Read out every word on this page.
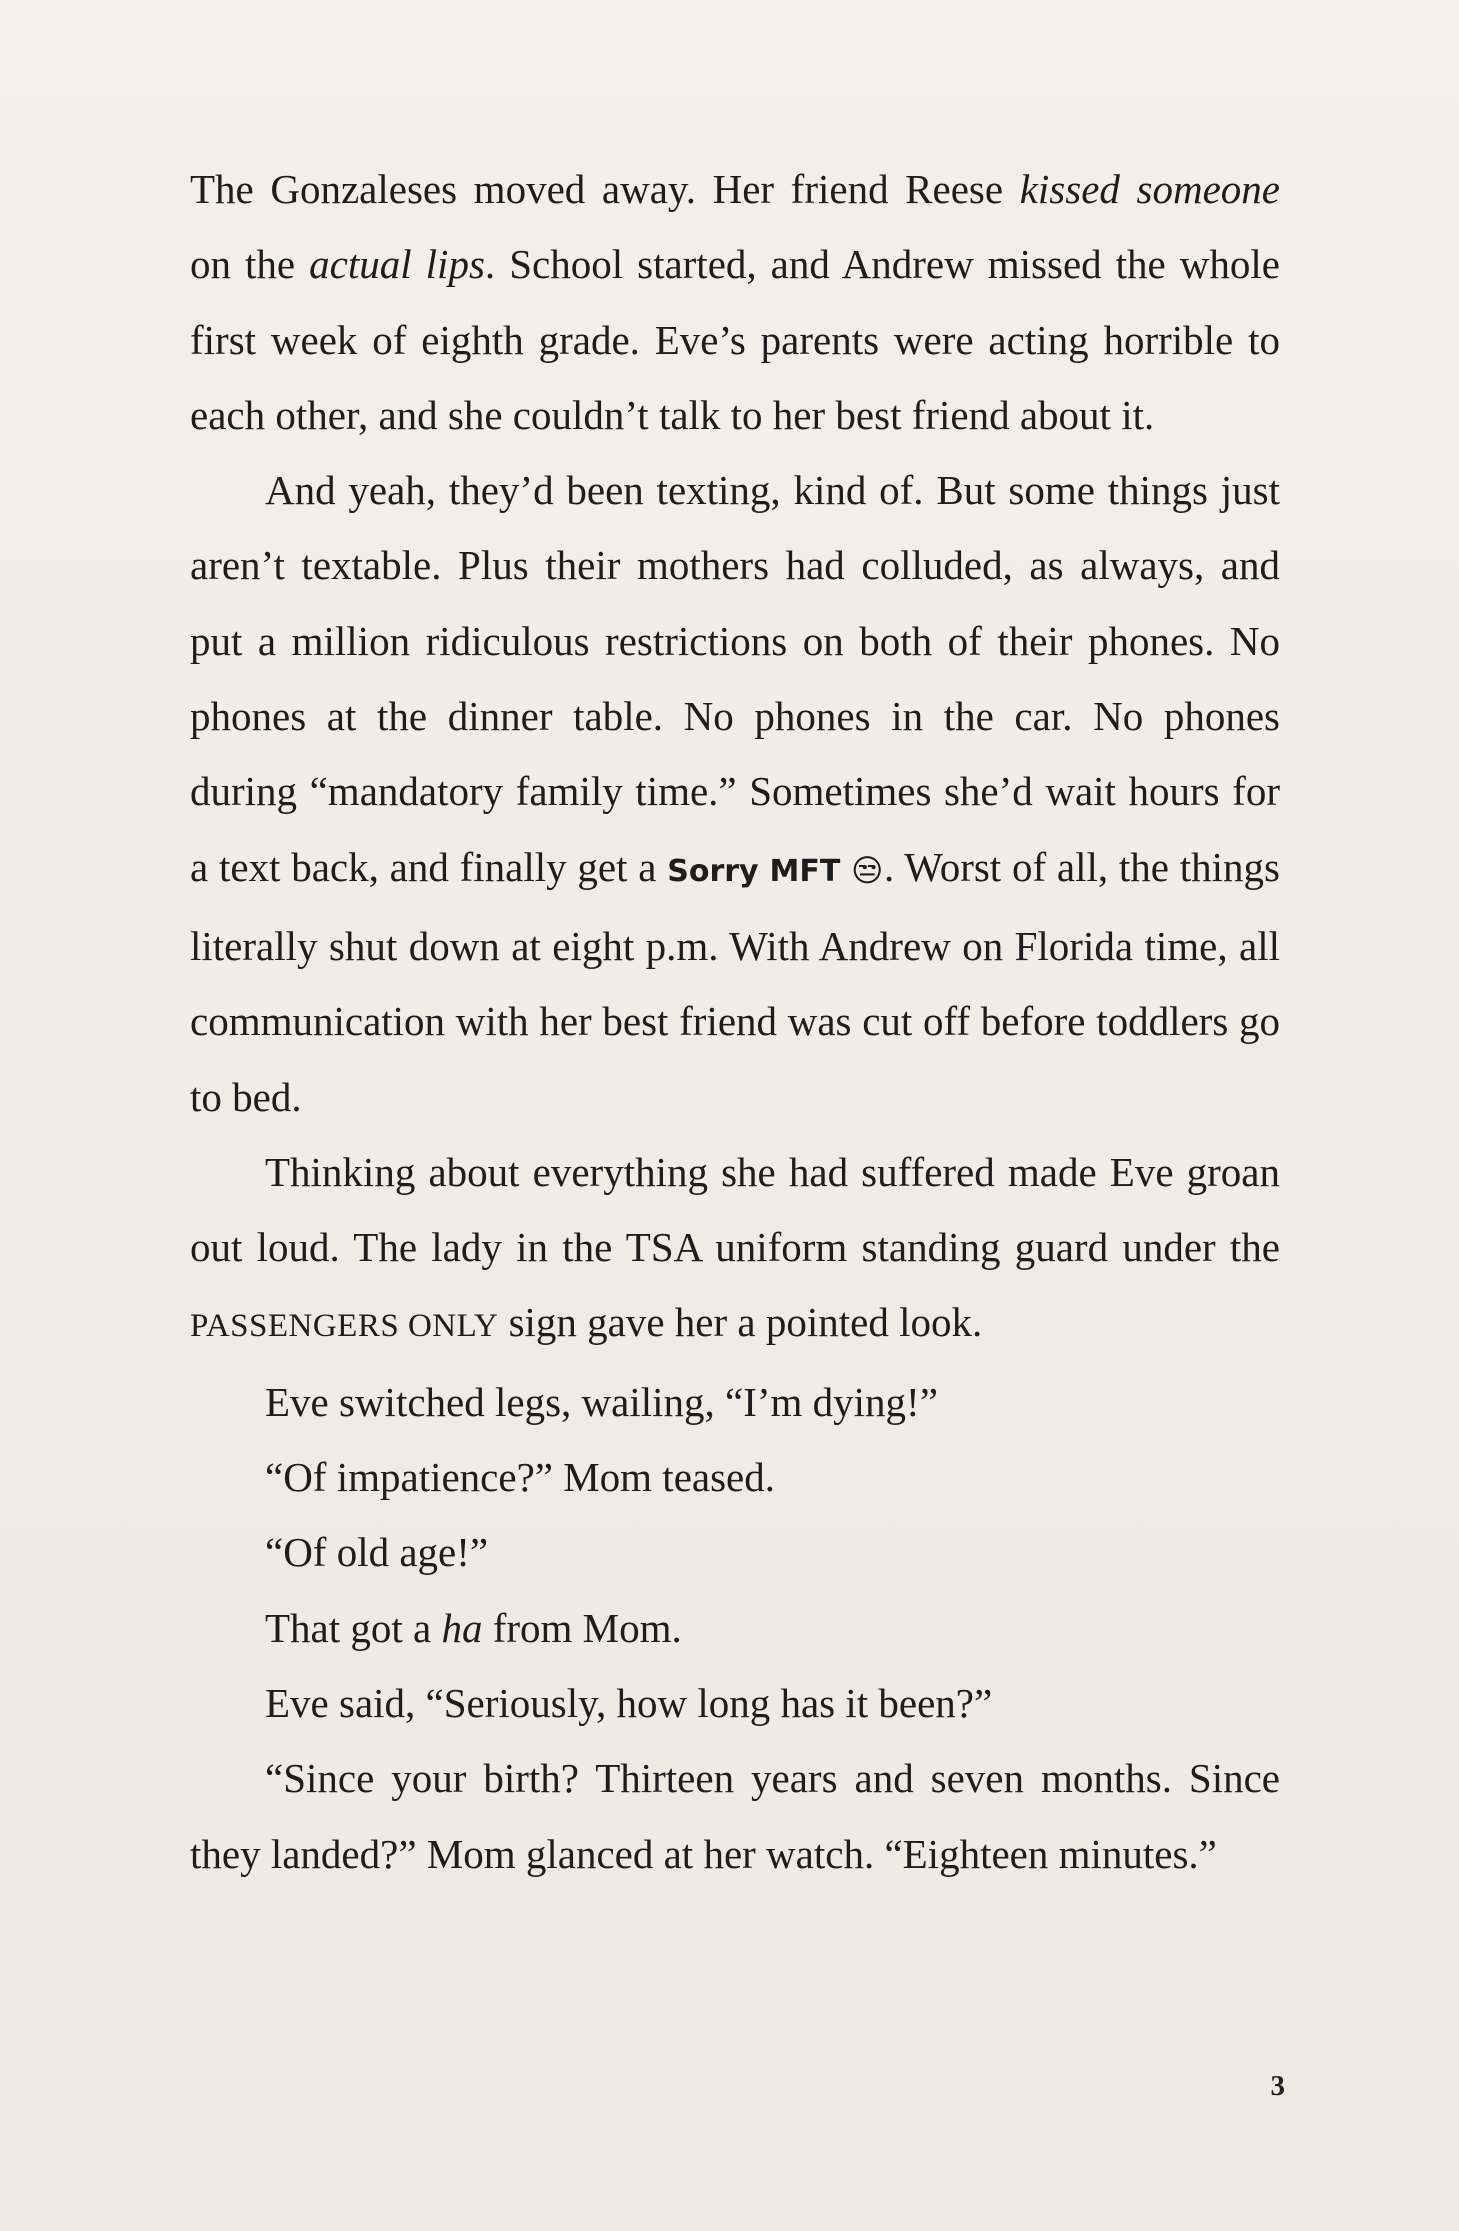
The Gonzaleses moved away. Her friend Reese kissed someone on the actual lips. School started, and Andrew missed the whole first week of eighth grade. Eve’s parents were acting horrible to each other, and she couldn’t talk to her best friend about it.

And yeah, they’d been texting, kind of. But some things just aren’t textable. Plus their mothers had colluded, as always, and put a million ridiculous restrictions on both of their phones. No phones at the dinner table. No phones in the car. No phones during “mandatory family time.” Sometimes she’d wait hours for a text back, and finally get a Sorry MFT 😒. Worst of all, the things literally shut down at eight p.m. With Andrew on Florida time, all communication with her best friend was cut off before toddlers go to bed.

Thinking about everything she had suffered made Eve groan out loud. The lady in the TSA uniform standing guard under the PASSENGERS ONLY sign gave her a pointed look.

Eve switched legs, wailing, “I’m dying!”

“Of impatience?” Mom teased.

“Of old age!”

That got a ha from Mom.

Eve said, “Seriously, how long has it been?”

“Since your birth? Thirteen years and seven months. Since they landed?” Mom glanced at her watch. “Eighteen minutes.”

3
